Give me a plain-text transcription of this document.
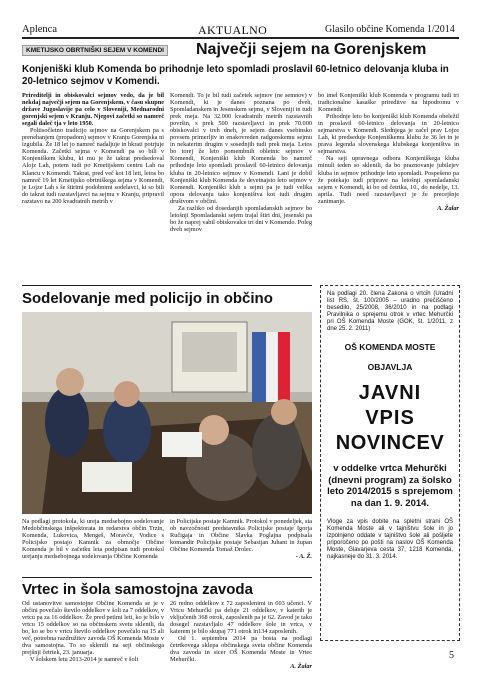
Aplenca	AKTUALNO	Glasilo občine Komenda 1/2014
KMETIJSKO OBRTNIŠKI SEJEM V KOMENDI Največji sejem na Gorenjskem
Konjeniški klub Komenda bo prihodnje leto spomladi proslavil 60-letnico delovanja kluba in 20-letnico sejmov v Komendi.

Prireditelji in obiskovalci sejmov vedo, da je bil nekdaj največji sejem na Gorenjskem, v času skupne države Jugoslavije pa celo v Sloveniji, Mednarodni gorenjski sejem v Kranju. Njegovi začetki so namreč segali daleč tja v leto 1950.

Poltisočletno tradicijo sejmov na Gorenjskem pa s prenehanjem (propadom) sejmov v Kranju Gorenjska ni izgubila. Že 18 let jo namreč nadaljuje in hkrati potrjuje Komenda. Začetki sejma v Komendi pa so bili v Konjeniškem klubu, ki mu je že takrat predsedoval Alojz Lah, potem tudi po Kmetijskem centru Lah na Klancu v Komendi. Takrat, pred več kot 18 leti, letos bo namreč 19 let Kmetijsko obrtniškega sejma v Komendi, je Lojze Lah s še štirimi podobnimi sodelavci, ki so bili do takrat tudi razstavljavci na sejmu v Kranju, pripravil razstavo na 200 kvadratnih metrih v

Komendi. To je bil tudi začetek sejmov (ne semnov) v Komendi, ki je danes poznana po dveh, Spomladanskem in Jesenskem sejmu, v Sloveniji in tudi prek meja. Na 32.000 kvadratnih metrih razstavnih površin, s prek 500 razstavljavci in prek 70.000 obiskovalci v treh dneh, je sejem danes vsebinsko povsem primerljiv in enakovreden radgonskemu sejmu in nekaterim drugim v sosednjih tudi prek meja. Letos bo torej že leto pomembnih obletnic sejmov v Komendi, Konjeniški klub Komenda bo namreč prihodnje leto spomladi proslavil 60-letnico delovanja kluba in 20-letnico sejmov v Komendi. Lani je dobil Konjeniški klub Komenda že devetnajsto leto sejmov v Komendi. Konjeniški klub s sejmi pa je tudi velika opora delovanju tako konjeništva kot tudi drugim društvom v občini.

Za razliko od dosedanjih spomladanskih sejmov bo letošnji Spomladanski sejem trajal štiri dni, jesenski pa bo že naprej vabil obiskovalce tri dni v Komendo. Poleg dveh sejmov

bo imel Konjeniški klub Komenda v programu tudi tri tradicionalne kasaške prireditve na hipodromu v Komendi.

Prihodnje leto bo konjeniški klub Komenda obeležil in proslavil 60-letnico delovanja in 20-letnico sejmarstva v Komendi. Slednjega je začel prav Lojze Lah, ki predseduje Konjeniškemu klubu že 36 let in je prava legenda slovenskega klubskega konjeništva in sejmarstva.

Na seji upravnega odbora Konjeniškega kluba minuli teden so sklenili, da bo praznovanje jubilejev kluba in sejmov prihodnje leto spomladi. Pospešeno pa že potekajo tudi priprave na letošnji spomladanski sejem v Komendi, ki bo od četrtka, 10., do nedelje, 13. aprila. Tudi need razstavljavci je že precejšnje zanimanje.

A. Žalar
Sodelovanje med policijo in občino

Na podlagi protokola, ki ureja medsebojno sodelovanje Medobčinskega inšpektorata in redarstva občin Trzin, Komenda, Lukovica, Mengeš, Moravče, Vodice s Policijsko postajo Kamnik za območje Občine Komenda je bil v začetku leta podpisan tudi protokol urejanju medsebojnega sodelovanja Občine Komenda

in Policijske postaje Kamnik. Protokol v ponedeljek, sta ob navzočnosti predstavnika Policijske postaje Igorja Ručigaja in Občine Slavka Poglajna podpisala komandir Policijske postaje Sebastjan Juhant in župan Občine Komenda Tomaž Drolec.

- A. Ž.
Vrtec in šola samostojna zavoda

Od ustanovitve samostojne Občine Komenda se je v občini povečalo število oddelkov v šoli za 7 oddelkov, v vrtcu pa za 16 oddelkov. Že pred petimi leti, ko je bilo v vrtcu 15 oddelkov so na občinskem svetu sklenili, da bo, ko se bo v vrtcu število oddelkov povečalo na 15 ali več, potrebna razdružitev zavoda OŠ Komenda Moste v dva samostojna. To so sklenili na seji občinskega prejšnji četrtek, 23. januarja.

V šolskem letu 2013-2014 je namreč v šoli

26 redno oddelkov z 72 zaposlenimi in 603 učenci. V Vrtcu Mehurčki pa deluje 21 oddelkov, v katerih je vključenih 368 otrok, zaposlenih pa je 62. Zavod je tako dosegel razstavljalo 47 oddelkov šole in vrtca, v katerem je bilo skupaj 771 otrok in134 zaposlenih.

Od 1. septembra 2014 pa bosta na podlagi četrtkovega sklepa občinskega sveta občine Komenda dva zavoda in sicer OŠ Komenda Moste in Vrtec Mehurčki.

A. Žalar
Na podlagi 20. člena Zakona o vrtcih (Uradni list RS, št. 100/2005 – uradno prečiščeno besedilo, 25/2008, 36/2010 in na podlagi Pravilnika o sprejemu otrok v vrtec Mehurčki pri OŠ Komenda Moste (GOK, št. 1/2011, z dne 25. 2. 2011)
OŠ KOMENDA MOSTE
OBJAVLJA
JAVNI
VPIS
NOVINCEV
v oddelke vrtca Mehurčki (dnevni program) za šolsko leto 2014/2015 s sprejemom na dan 1. 9. 2014.
Vloge za vpis dobite na spletni strani OŠ Komenda Moste ali v tajništvu šole in jo izpolnjeno oddate v tajništvo šole ali pošljete priporočeno po pošti na naslov OŠ Komenda Moste, Glavarjeva cesta 37, 1218 Komenda, najkasneje do 31. 3. 2014.
5
